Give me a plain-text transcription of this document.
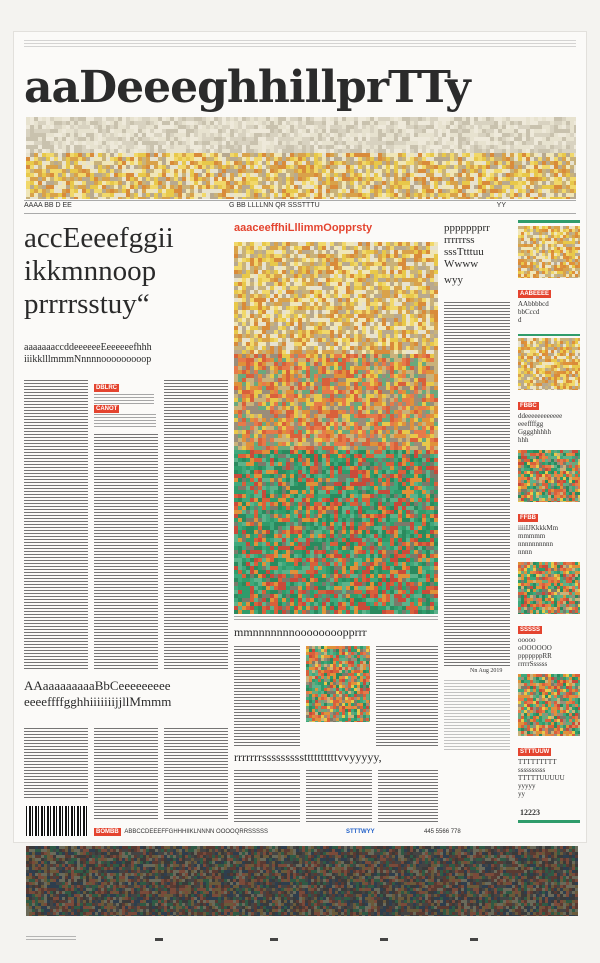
aaDeeeghhillprTTy
AAAA BB D EE	G BB LLLLNN QR SSSTTTU	YY
accEeeefggii
ikkmnnoop
prrrrsstuy“
aaaaaaaccddeeeeeeEeeeeeefhhh
iiikklllmmmNnnnnooooooooop
DBLRC
CANOT
AAaaaaaaaaaBbCeeeeeeeee
eeeeffffgghhiiiiiiijjllMmmm
aaaceeffhiLllimmOopprsty
mmnnnnnnnoooooooopprrr
rrrrrrrsssssssssttttttttttvvyyyyy,
ppppppprr
rrrrrrss
sssTtttuu
Wwww
wyy
Nn Aug 2019
AABEEEE
AAbbbbcd
bbCccd
d
FBBC
ddeeeeeeeeeeee
eeeffffgg
Gggghhhhh
hhh
FFBB
iiiiIJKkkkMm
mmmmm
nnnnnnnnnn
nnnn
SSSSS
ooooo
oOOOOOO
pppppppRR
rrrrrSsssss
STTTUUW
TTTTTTTTT
ssssssssss
TTTTTUUUUU
yyyyy
yy
12223
BOMBB ABBCCDEEEFFGHHHIIKLNNNN OOOOQRRSSSSS	STTTWYY	445 5566 778
